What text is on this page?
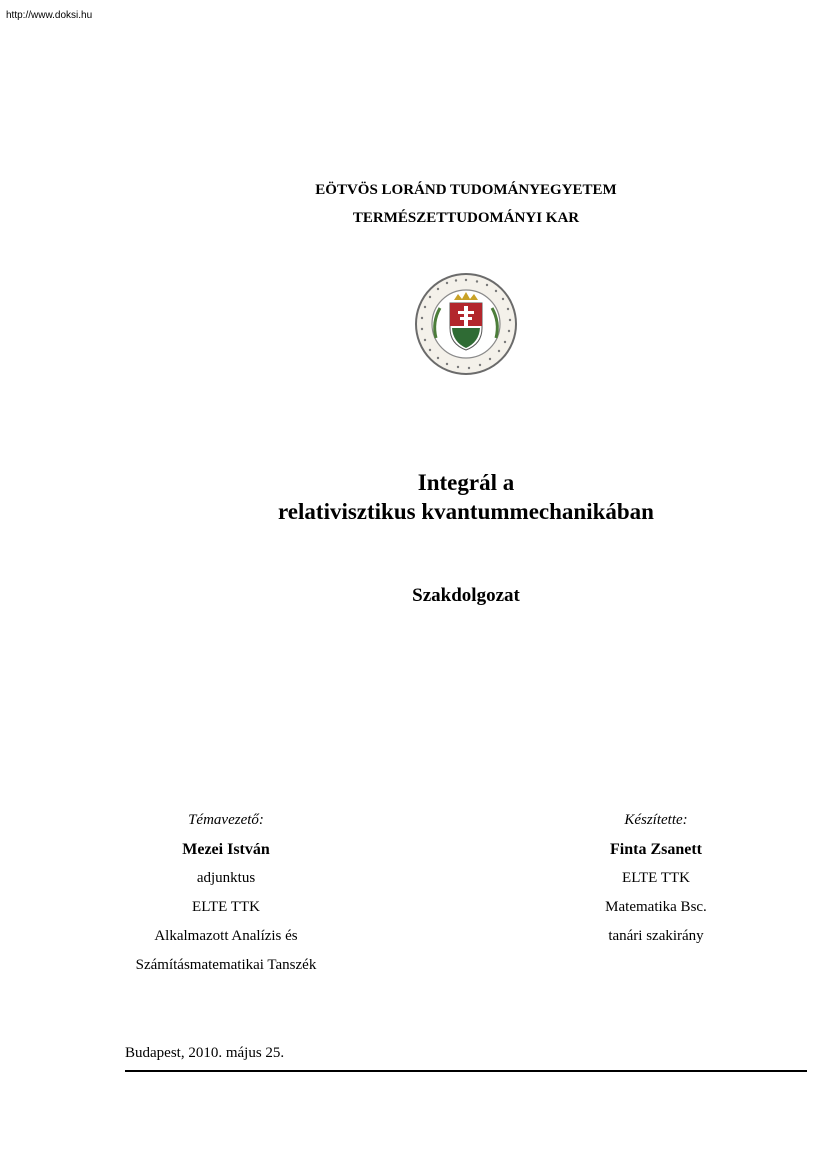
http://www.doksi.hu
EÖTVÖS LORÁND TUDOMÁNYEGYETEM
TERMÉSZETTUDOMÁNYI KAR
Integrál a
relativisztikus kvantummechanikában
Szakdolgozat
Témavezető:
Mezei István
adjunktus
ELTE TTK
Alkalmazott Analízis és
Számításmatematikai Tanszék
Készítette:
Finta Zsanett
ELTE TTK
Matematika Bsc.
tanári szakirány
Budapest, 2010. május 25.
